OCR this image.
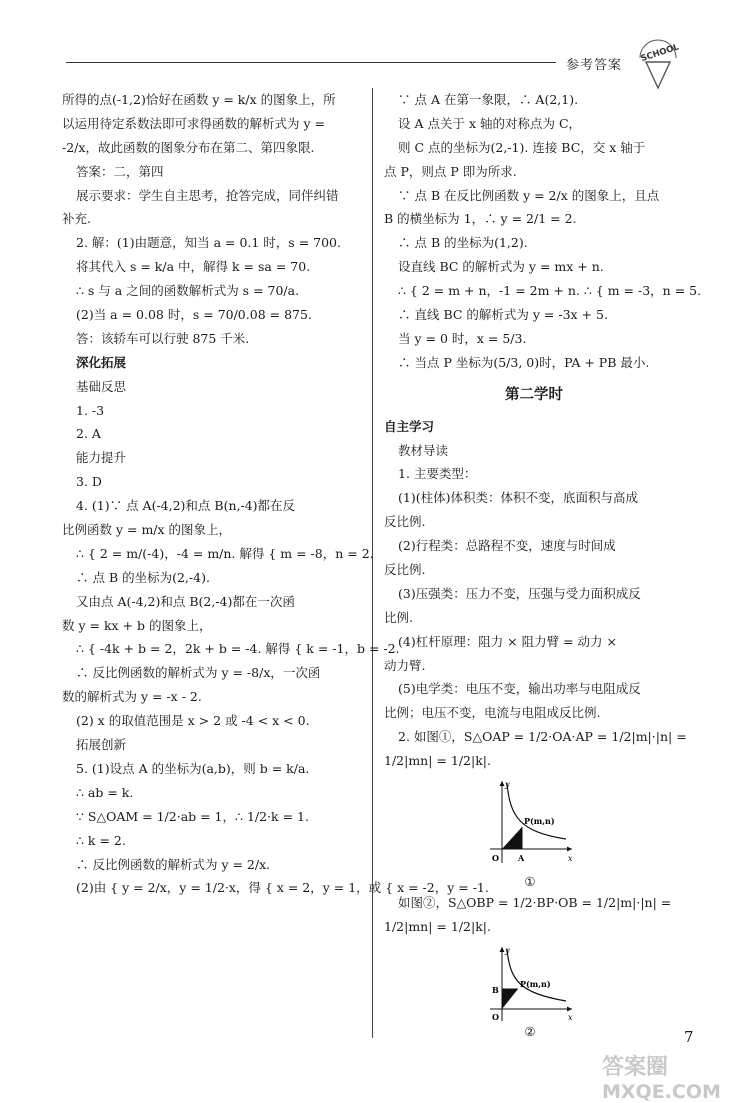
参考答案
SCHOOL
所得的点(-1,2)恰好在函数 y = k/x 的图象上，所
以运用待定系数法即可求得函数的解析式为 y =
-2/x，故此函数的图象分布在第二、第四象限.
答案：二，第四
展示要求：学生自主思考，抢答完成，同伴纠错
补充.
2. 解：(1)由题意，知当 a = 0.1 时，s = 700.
将其代入 s = k/a 中，解得 k = sa = 70.
∴ s 与 a 之间的函数解析式为 s = 70/a.
(2)当 a = 0.08 时，s = 70/0.08 = 875.
答：该轿车可以行驶 875 千米.
深化拓展
基础反思
1. -3
2. A
能力提升
3. D
4. (1)∵ 点 A(-4,2)和点 B(n,-4)都在反
比例函数 y = m/x 的图象上，
∴ { 2 = m/(-4)，-4 = m/n. 解得 { m = -8，n = 2.
∴ 点 B 的坐标为(2,-4).
又由点 A(-4,2)和点 B(2,-4)都在一次函
数 y = kx + b 的图象上，
∴ { -4k + b = 2，2k + b = -4. 解得 { k = -1，b = -2.
∴ 反比例函数的解析式为 y = -8/x，一次函
数的解析式为 y = -x - 2.
(2) x 的取值范围是 x > 2 或 -4 < x < 0.
拓展创新
5. (1)设点 A 的坐标为(a,b)，则 b = k/a.
∴ ab = k.
∵ S△OAM = 1/2·ab = 1，∴ 1/2·k = 1.
∴ k = 2.
∴ 反比例函数的解析式为 y = 2/x.
(2)由 { y = 2/x，y = 1/2·x，得 { x = 2，y = 1，或 { x = -2，y = -1.
∵ 点 A 在第一象限，∴ A(2,1).
设 A 点关于 x 轴的对称点为 C，
则 C 点的坐标为(2,-1). 连接 BC，交 x 轴于
点 P，则点 P 即为所求.
∵ 点 B 在反比例函数 y = 2/x 的图象上，且点
B 的横坐标为 1，∴ y = 2/1 = 2.
∴ 点 B 的坐标为(1,2).
设直线 BC 的解析式为 y = mx + n.
∴ { 2 = m + n，-1 = 2m + n. ∴ { m = -3，n = 5.
∴ 直线 BC 的解析式为 y = -3x + 5.
当 y = 0 时，x = 5/3.
∴ 当点 P 坐标为(5/3, 0)时，PA + PB 最小.
第二学时
自主学习
教材导读
1. 主要类型：
(1)(柱体)体积类：体积不变，底面积与高成
反比例.
(2)行程类：总路程不变，速度与时间成
反比例.
(3)压强类：压力不变，压强与受力面积成反
比例.
(4)杠杆原理：阻力 × 阻力臂 = 动力 ×
动力臂.
(5)电学类：电压不变，输出功率与电阻成反
比例；电压不变，电流与电阻成反比例.
2. 如图①，S△OAP = 1/2·OA·AP = 1/2|m|·|n| =
1/2|mn| = 1/2|k|.
y
x
O A
P(m,n)
①
如图②，S△OBP = 1/2·BP·OB = 1/2|m|·|n| =
1/2|mn| = 1/2|k|.
y
x
O
B
P(m,n)
②	7
答案圈
MXQE.COM
